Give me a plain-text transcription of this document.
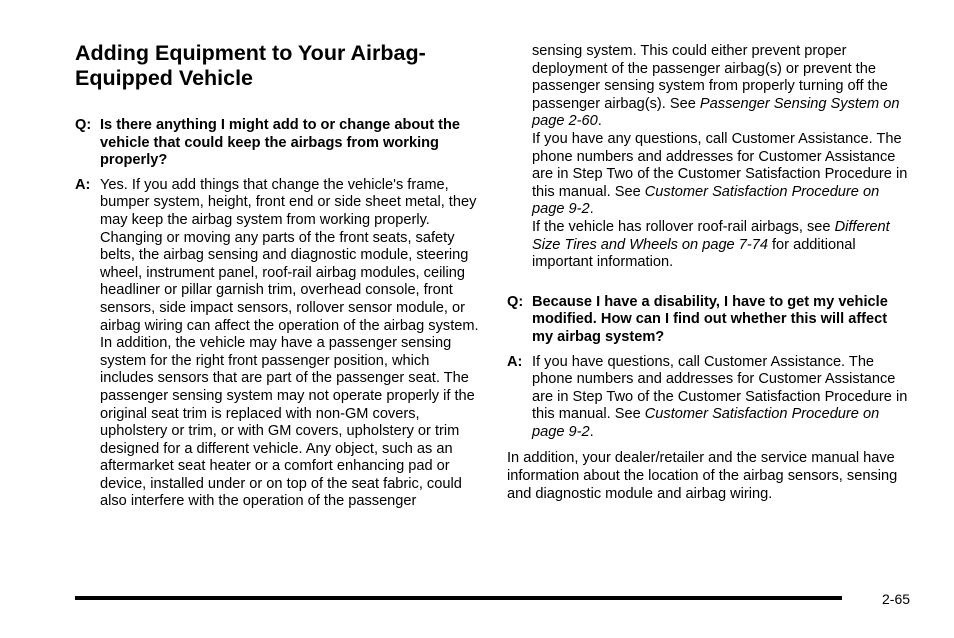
Adding Equipment to Your Airbag-Equipped Vehicle
Q: Is there anything I might add to or change about the vehicle that could keep the airbags from working properly?
A: Yes. If you add things that change the vehicle's frame, bumper system, height, front end or side sheet metal, they may keep the airbag system from working properly. Changing or moving any parts of the front seats, safety belts, the airbag sensing and diagnostic module, steering wheel, instrument panel, roof-rail airbag modules, ceiling headliner or pillar garnish trim, overhead console, front sensors, side impact sensors, rollover sensor module, or airbag wiring can affect the operation of the airbag system.

In addition, the vehicle may have a passenger sensing system for the right front passenger position, which includes sensors that are part of the passenger seat. The passenger sensing system may not operate properly if the original seat trim is replaced with non-GM covers, upholstery or trim, or with GM covers, upholstery or trim designed for a different vehicle. Any object, such as an aftermarket seat heater or a comfort enhancing pad or device, installed under or on top of the seat fabric, could also interfere with the operation of the passenger

sensing system. This could either prevent proper deployment of the passenger airbag(s) or prevent the passenger sensing system from properly turning off the passenger airbag(s). See Passenger Sensing System on page 2-60.

If you have any questions, call Customer Assistance. The phone numbers and addresses for Customer Assistance are in Step Two of the Customer Satisfaction Procedure in this manual. See Customer Satisfaction Procedure on page 9-2.

If the vehicle has rollover roof-rail airbags, see Different Size Tires and Wheels on page 7-74 for additional important information.

Q: Because I have a disability, I have to get my vehicle modified. How can I find out whether this will affect my airbag system?
A: If you have questions, call Customer Assistance. The phone numbers and addresses for Customer Assistance are in Step Two of the Customer Satisfaction Procedure in this manual. See Customer Satisfaction Procedure on page 9-2.

In addition, your dealer/retailer and the service manual have information about the location of the airbag sensors, sensing and diagnostic module and airbag wiring.

2-65
